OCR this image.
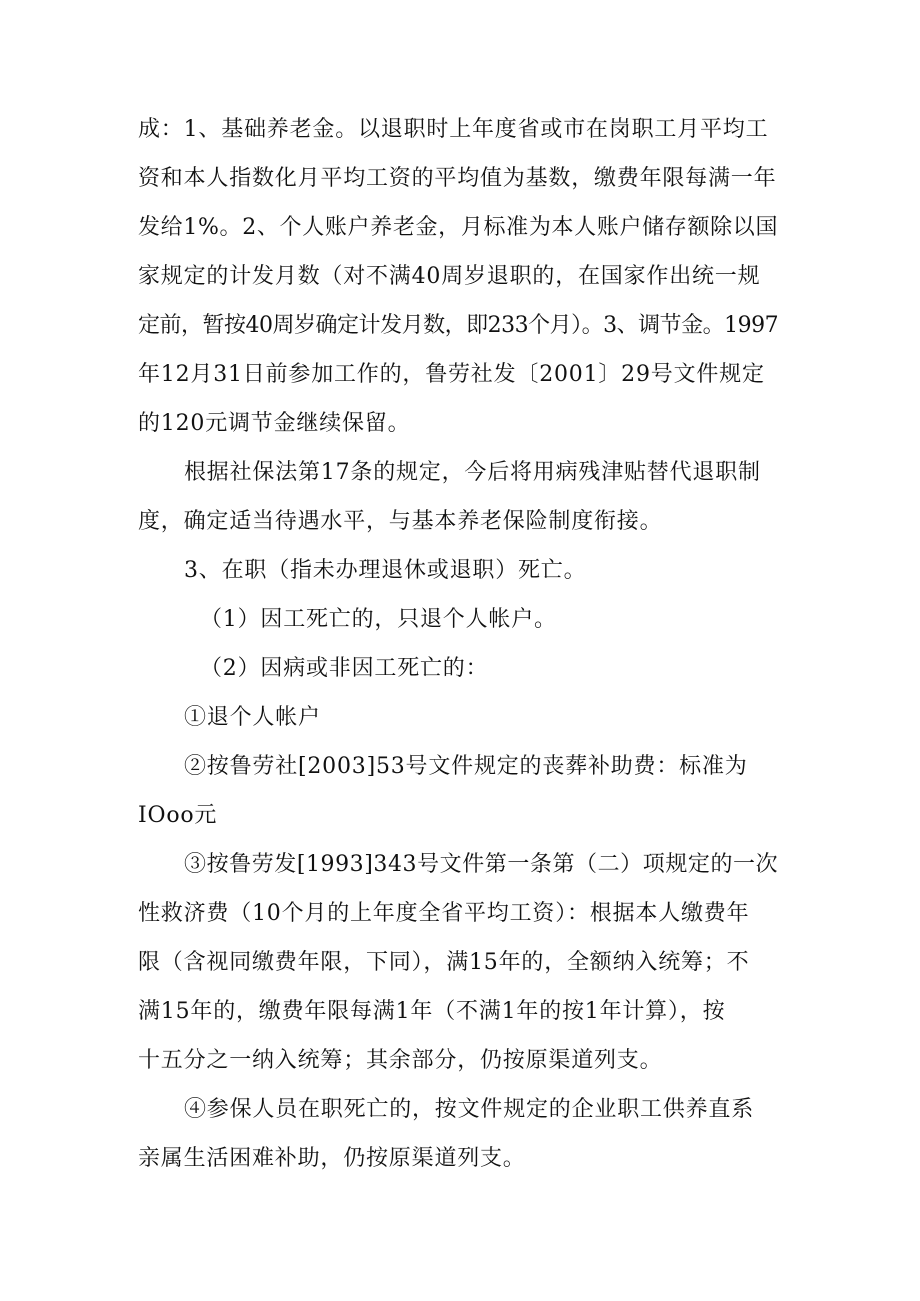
成：1、基础养老金。以退职时上年度省或市在岗职工月平均工
资和本人指数化月平均工资的平均值为基数，缴费年限每满一年
发给1%。2、个人账户养老金，月标准为本人账户储存额除以国
家规定的计发月数（对不满40周岁退职的，在国家作出统一规
定前，暂按40周岁确定计发月数，即233个月）。3、调节金。1997
年12月31日前参加工作的，鲁劳社发〔2001〕29号文件规定
的120元调节金继续保留。
根据社保法第17条的规定，今后将用病残津贴替代退职制
度，确定适当待遇水平，与基本养老保险制度衔接。
3、在职（指未办理退休或退职）死亡。
（1）因工死亡的，只退个人帐户。
（2）因病或非因工死亡的：
①退个人帐户
②按鲁劳社[2003]53号文件规定的丧葬补助费：标准为
IOoo元
③按鲁劳发[1993]343号文件第一条第（二）项规定的一次
性救济费（10个月的上年度全省平均工资）：根据本人缴费年
限（含视同缴费年限，下同），满15年的，全额纳入统筹；不
满15年的，缴费年限每满1年（不满1年的按1年计算），按
十五分之一纳入统筹；其余部分，仍按原渠道列支。
④参保人员在职死亡的，按文件规定的企业职工供养直系
亲属生活困难补助，仍按原渠道列支。
